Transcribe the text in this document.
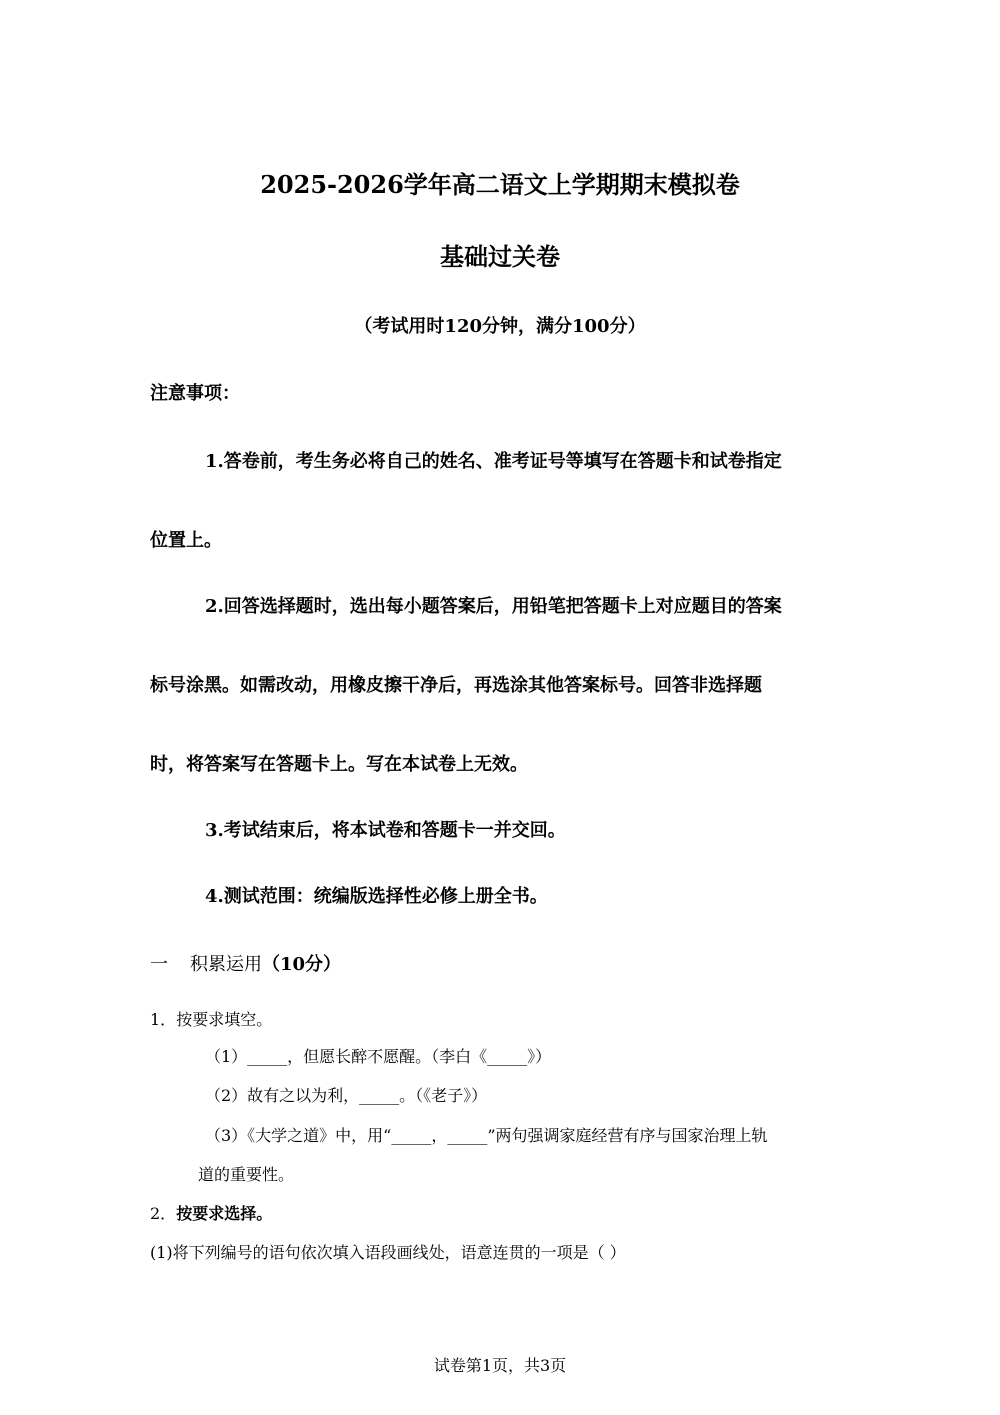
2025-2026学年高二语文上学期期末模拟卷
基础过关卷
（考试用时120分钟，满分100分）
注意事项：
1.答卷前，考生务必将自己的姓名、准考证号等填写在答题卡和试卷指定
位置上。
2.回答选择题时，选出每小题答案后，用铅笔把答题卡上对应题目的答案
标号涂黑。如需改动，用橡皮擦干净后，再选涂其他答案标号。回答非选择题
时，将答案写在答题卡上。写在本试卷上无效。
3.考试结束后，将本试卷和答题卡一并交回。
4.测试范围：统编版选择性必修上册全书。
一 积累运用（10分）
1．按要求填空。
（1）_____，但愿长醉不愿醒。（李白《_____》）
（2）故有之以为利，_____。（《老子》）
（3）《大学之道》中，用“_____，_____”两句强调家庭经营有序与国家治理上轨
道的重要性。
2．按要求选择。
(1)将下列编号的语句依次填入语段画线处，语意连贯的一项是（ ）
试卷第1页，共3页
